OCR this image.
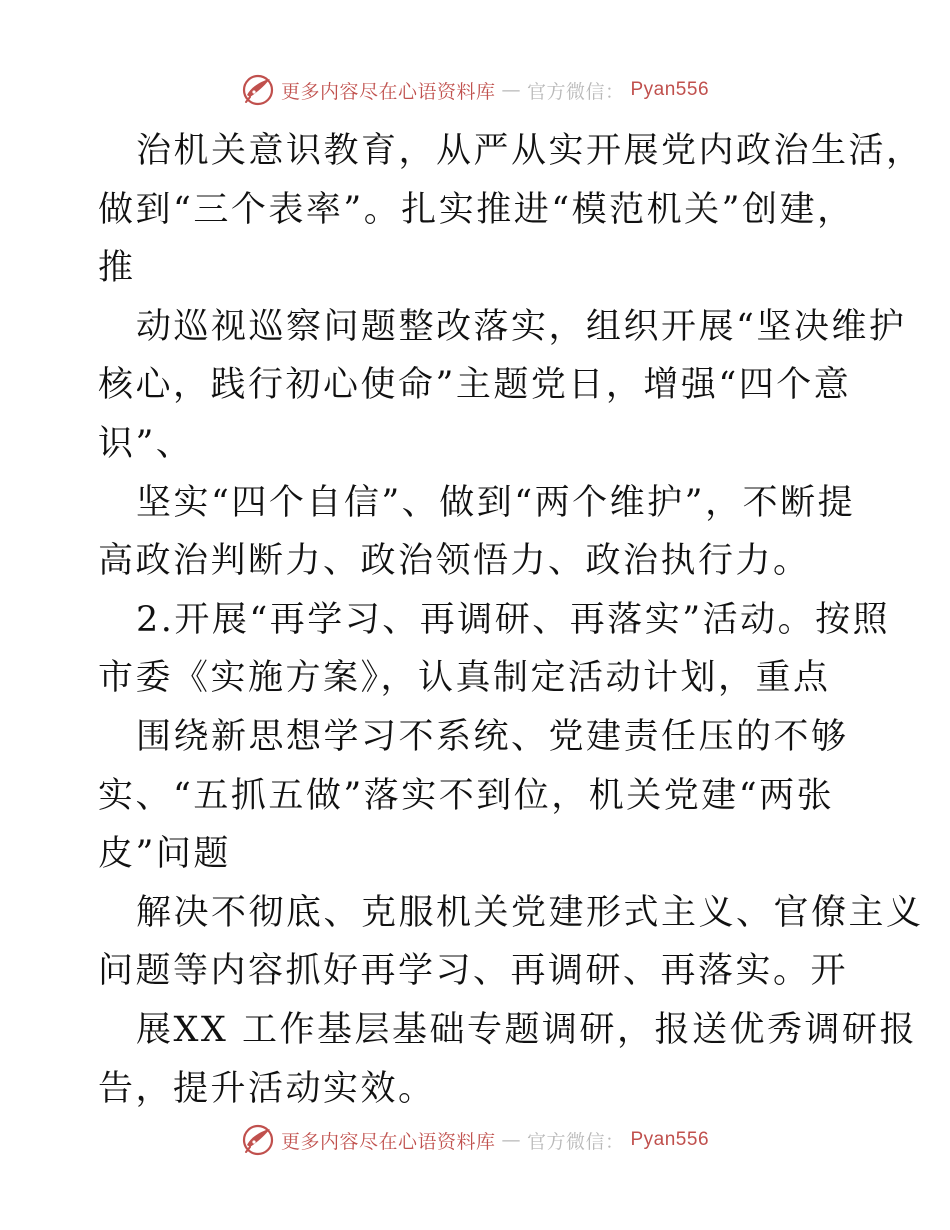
更多内容尽在心语资料库 — 官方微信： Pyan556
治机关意识教育，从严从实开展党内政治生活，
做到“三个表率”。扎实推进“模范机关”创建，
推
动巡视巡察问题整改落实，组织开展“坚决维护
核心，践行初心使命”主题党日，增强“四个意
识”、
坚实“四个自信”、做到“两个维护”，不断提
高政治判断力、政治领悟力、政治执行力。
2.开展“再学习、再调研、再落实”活动。按照
市委《实施方案》，认真制定活动计划，重点
围绕新思想学习不系统、党建责任压的不够
实、“五抓五做”落实不到位，机关党建“两张
皮”问题
解决不彻底、克服机关党建形式主义、官僚主义
问题等内容抓好再学习、再调研、再落实。开
展XX 工作基层基础专题调研，报送优秀调研报
告，提升活动实效。
更多内容尽在心语资料库 — 官方微信： Pyan556
